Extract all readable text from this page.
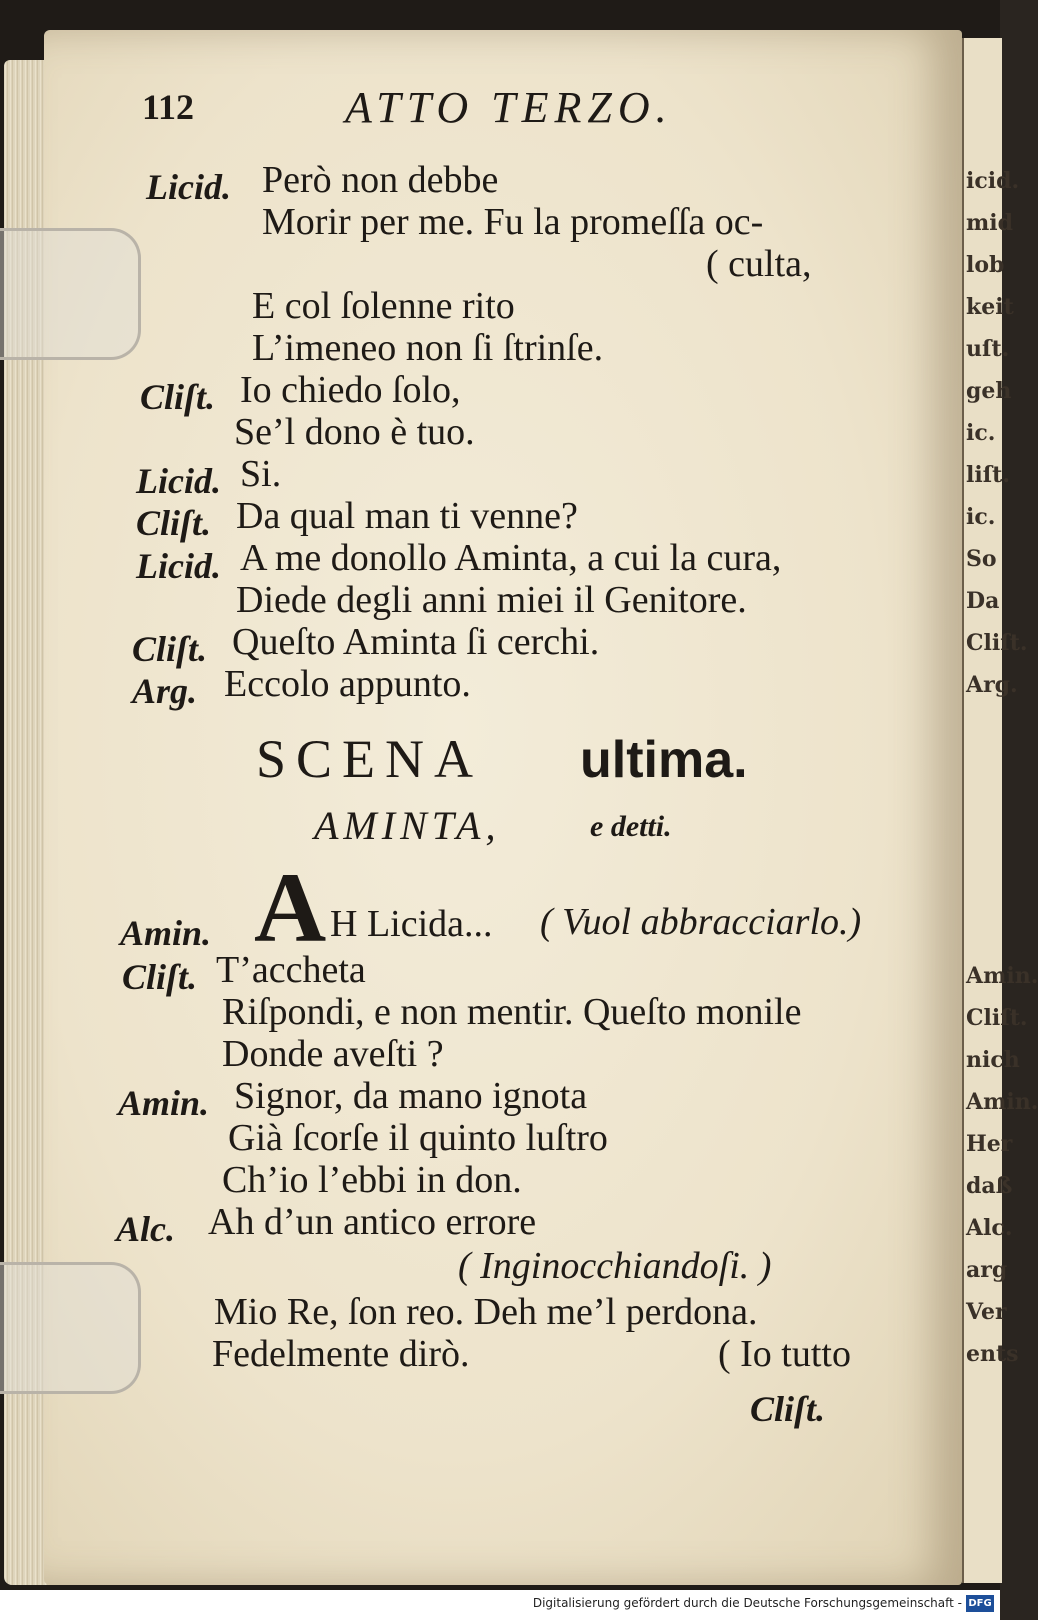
icid.
mid
lob
keit
uſt.
geh
ic.
liſt.
ic.
So
Da
Cliſt.
Arg.
Amin.
Cliſt.
nich
Amin.
Her
daß
Alc.
arg
Ver
ents
112	ATTO TERZO.
Licid. Però non debbe
Morir per me. Fu la promeſſa oc-
( culta,
E col ſolenne rito
L’imeneo non ſi ſtrinſe.
Cliſt. Io chiedo ſolo,
Se’l dono è tuo.
Licid. Si.
Cliſt. Da qual man ti venne?
Licid. A me donollo Aminta, a cui la cura,
Diede degli anni miei il Genitore.
Cliſt. Queſto Aminta ſi cerchi.
Arg. Eccolo appunto.
SCENA ultima.
AMINTA,	e detti.
Amin. A H Licida... ( Vuol abbracciarlo.)
Cliſt. T’accheta
Riſpondi, e non mentir. Queſto monile
Donde aveſti ?
Amin. Signor, da mano ignota
Già ſcorſe il quinto luſtro
Ch’io l’ebbi in don.
Alc. Ah d’un antico errore
( Inginocchiandoſi. )
Mio Re, ſon reo. Deh me’l perdona.
Fedelmente dirò.	( Io tutto
Cliſt.
Digitalisierung gefördert durch die Deutsche Forschungsgemeinschaft - DFG
